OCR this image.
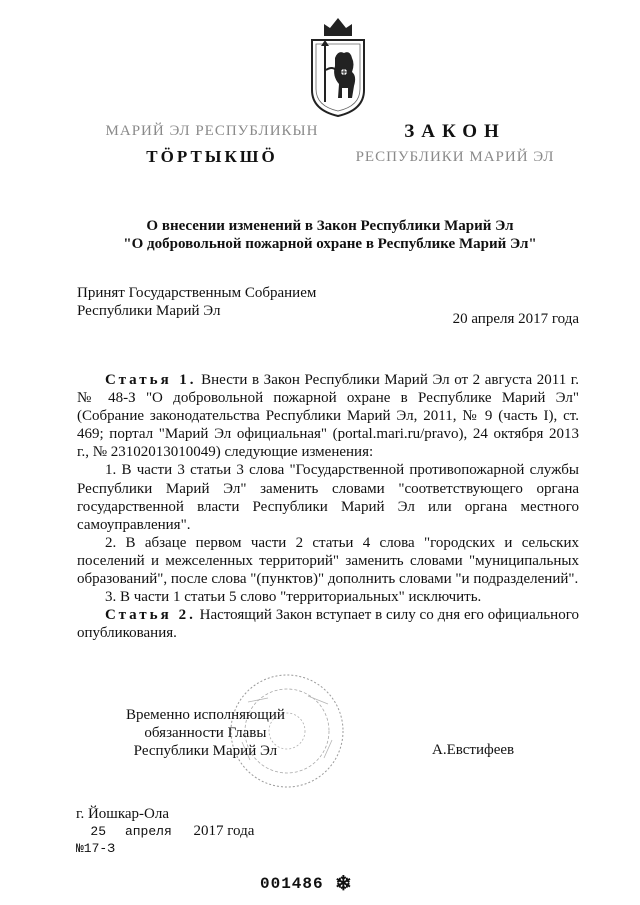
МАРИЙ ЭЛ РЕСПУБЛИКЫН
ТӦРТЫКШӦ
ЗАКОН
РЕСПУБЛИКИ МАРИЙ ЭЛ
О внесении изменений в Закон Республики Марий Эл
"О добровольной пожарной охране в Республике Марий Эл"
Принят Государственным Собранием
Республики Марий Эл	20 апреля 2017 года

Статья 1. Внести в Закон Республики Марий Эл от 2 августа 2011 г. № 48-З "О добровольной пожарной охране в Республике Марий Эл" (Собрание законодательства Республики Марий Эл, 2011, № 9 (часть I), ст. 469; портал "Марий Эл официальная" (portal.mari.ru/pravo), 24 октября 2013 г., № 23102013010049) следующие изменения:

1. В части 3 статьи 3 слова "Государственной противопожарной службы Республики Марий Эл" заменить словами "соответствующего органа государственной власти Республики Марий Эл или органа местного самоуправления".

2. В абзаце первом части 2 статьи 4 слова "городских и сельских поселений и межселенных территорий" заменить словами "муниципальных образований", после слова "(пунктов)" дополнить словами "и подразделений".

3. В части 1 статьи 5 слово "территориальных" исключить.

Статья 2. Настоящий Закон вступает в силу со дня его официального опубликования.

Временно исполняющий
обязанности Главы
Республики Марий Эл	А.Евстифеев
г. Йошкар-Ола
25 апреля 2017 года
№17-З
001486 ❄
